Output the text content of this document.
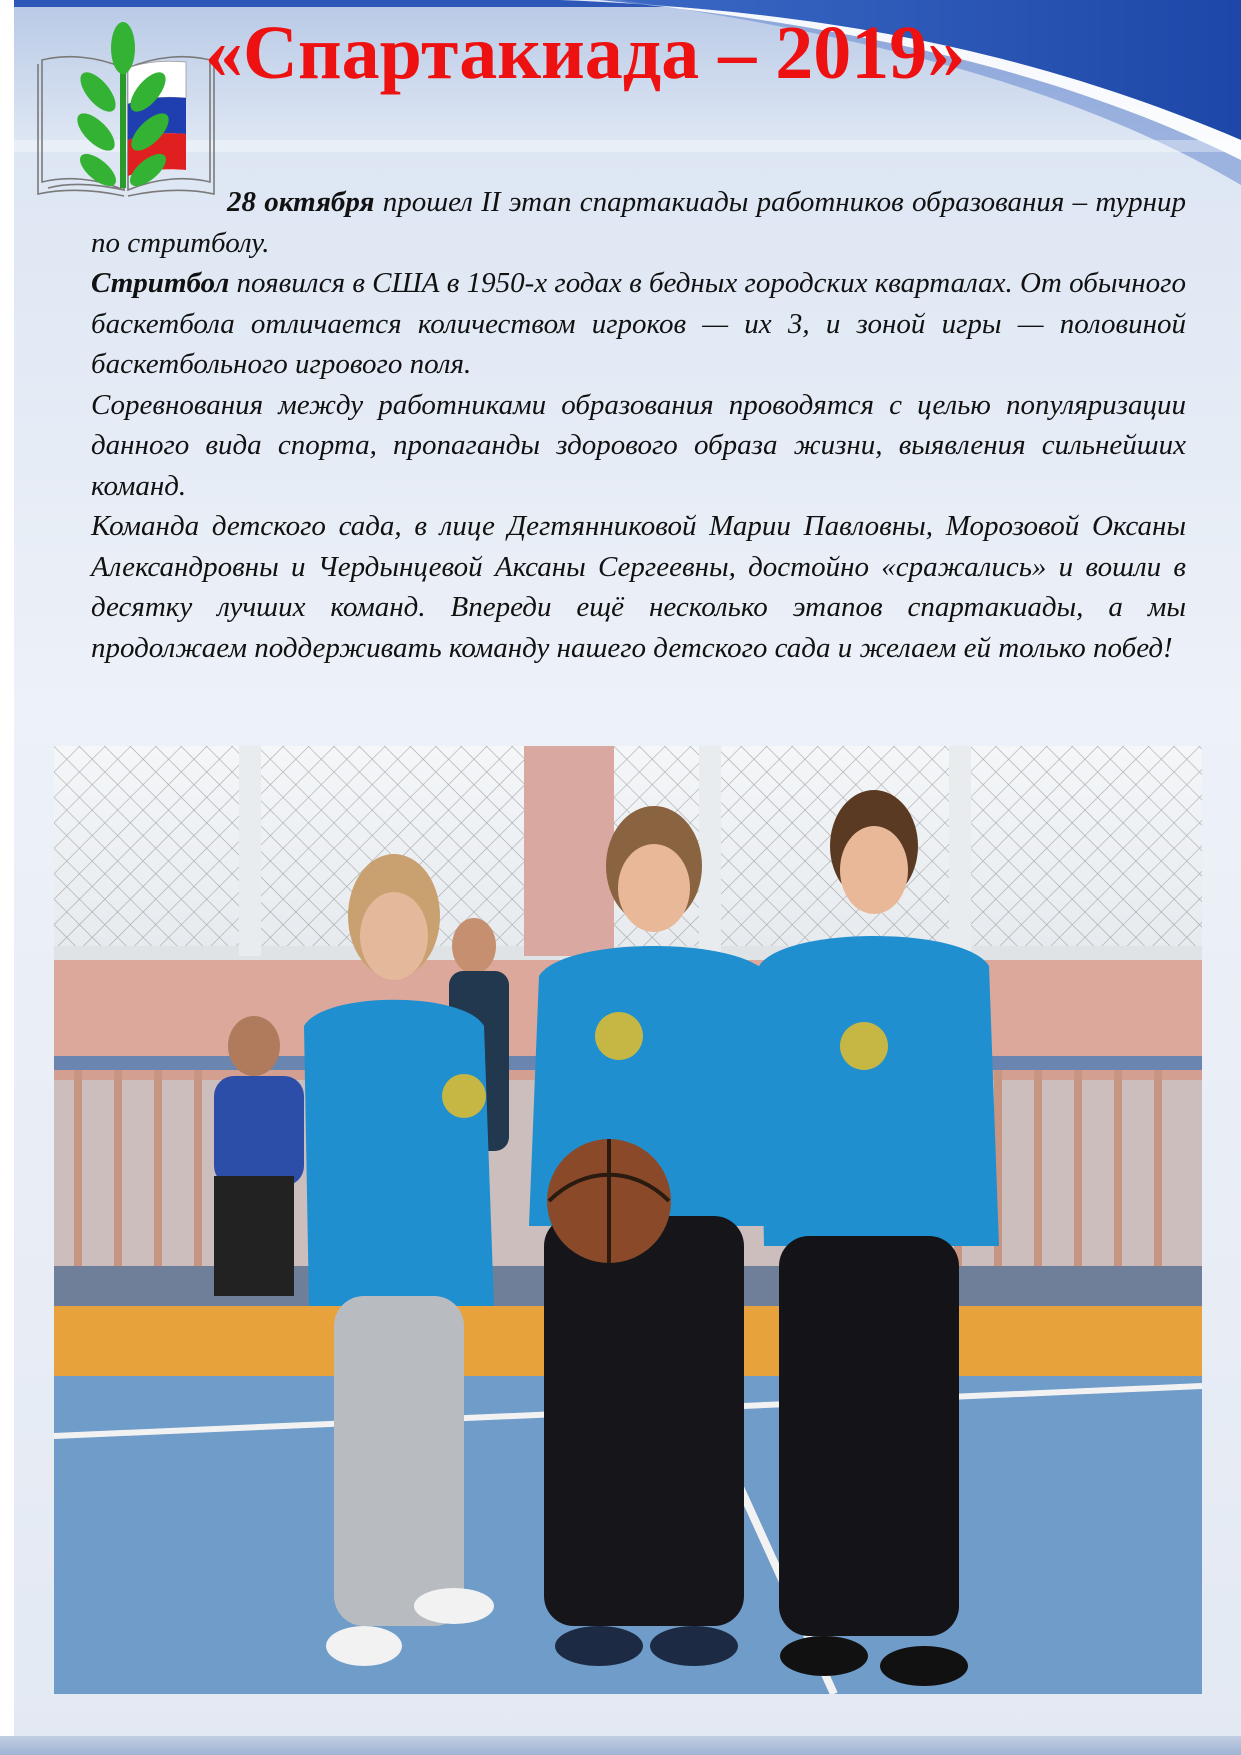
«Спартакиада – 2019»

28 октября прошел II этап спартакиады работников образования – турнир по стритболу.

Стритбол появился в США в 1950-х годах в бедных городских кварталах. От обычного баскетбола отличается количеством игроков — их 3, и зоной игры — половиной баскетбольного игрового поля.

Соревнования между работниками образования проводятся с целью популяризации данного вида спорта, пропаганды здорового образа жизни, выявления сильнейших команд.

Команда детского сада, в лице Дегтянниковой Марии Павловны, Морозовой Оксаны Александровны и Чердынцевой Аксаны Сергеевны, достойно «сражались» и вошли в десятку лучших команд. Впереди ещё несколько этапов спартакиады, а мы продолжаем поддерживать команду нашего детского сада и желаем ей только побед!
